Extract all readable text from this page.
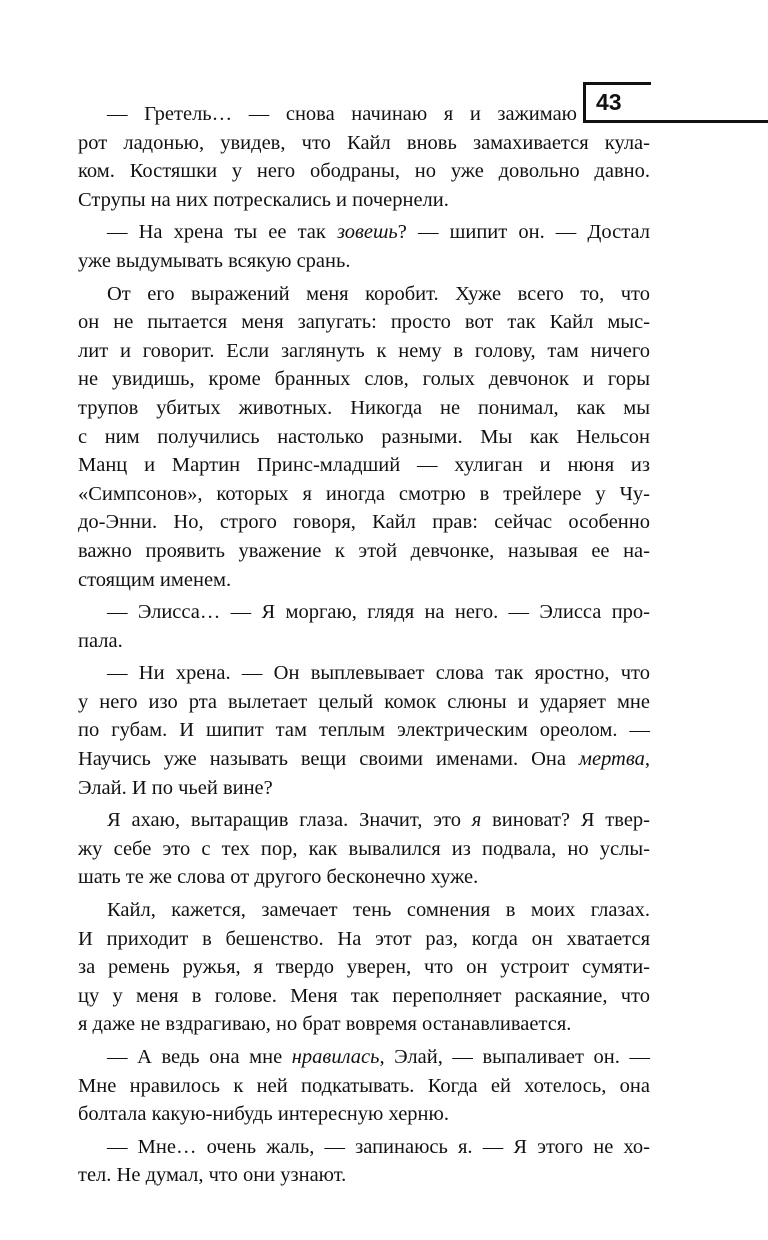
43
— Гретель… — снова начинаю я и зажимаю
рот ладонью, увидев, что Кайл вновь замахивается кула-
ком. Костяшки у него ободраны, но уже довольно давно.
Струпы на них потрескались и почернели.
— На хрена ты ее так зовешь? — шипит он. — Достал
уже выдумывать всякую срань.
От его выражений меня коробит. Хуже всего то, что
он не пытается меня запугать: просто вот так Кайл мыс-
лит и говорит. Если заглянуть к нему в голову, там ничего
не увидишь, кроме бранных слов, голых девчонок и горы
трупов убитых животных. Никогда не понимал, как мы
с ним получились настолько разными. Мы как Нельсон
Манц и Мартин Принс-младший — хулиган и нюня из
«Симпсонов», которых я иногда смотрю в трейлере у Чу-
до-Энни. Но, строго говоря, Кайл прав: сейчас особенно
важно проявить уважение к этой девчонке, называя ее на-
стоящим именем.
— Элисса… — Я моргаю, глядя на него. — Элисса про-
пала.
— Ни хрена. — Он выплевывает слова так яростно, что
у него изо рта вылетает целый комок слюны и ударяет мне
по губам. И шипит там теплым электрическим ореолом. —
Научись уже называть вещи своими именами. Она мертва,
Элай. И по чьей вине?
Я ахаю, вытаращив глаза. Значит, это я виноват? Я твер-
жу себе это с тех пор, как вывалился из подвала, но услы-
шать те же слова от другого бесконечно хуже.
Кайл, кажется, замечает тень сомнения в моих глазах.
И приходит в бешенство. На этот раз, когда он хватается
за ремень ружья, я твердо уверен, что он устроит сумяти-
цу у меня в голове. Меня так переполняет раскаяние, что
я даже не вздрагиваю, но брат вовремя останавливается.
— А ведь она мне нравилась, Элай, — выпаливает он. —
Мне нравилось к ней подкатывать. Когда ей хотелось, она
болтала какую-нибудь интересную херню.
— Мне… очень жаль, — запинаюсь я. — Я этого не хо-
тел. Не думал, что они узнают.
